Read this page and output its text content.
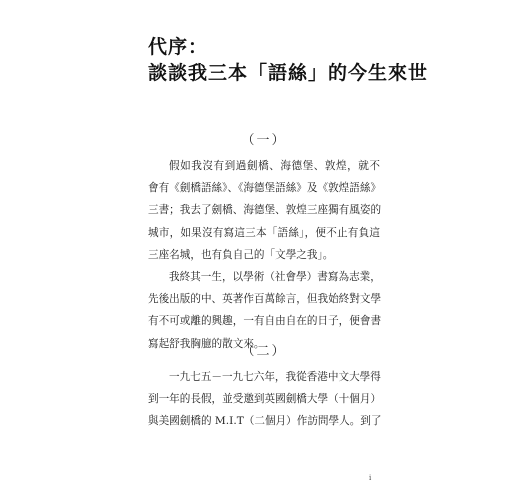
代序：
談談我三本「語絲」的今生來世
（一）
假如我沒有到過劍橋、海德堡、敦煌，就不
會有《劍橋語絲》、《海德堡語絲》及《敦煌語絲》
三書；我去了劍橋、海德堡、敦煌三座獨有風姿的
城市，如果沒有寫這三本「語絲」，便不止有負這
三座名城，也有負自己的「文學之我」。
我終其一生，以學術（社會學）書寫為志業，
先後出版的中、英著作百萬餘言，但我始終對文學
有不可或離的興趣，一有自由自在的日子，便會書
寫起舒我胸臆的散文來。
（二）
一九七五－一九七六年，我從香港中文大學得
到一年的長假，並受邀到英國劍橋大學（十個月）
與美國劍橋的 M.I.T（二個月）作訪問學人。到了
i
